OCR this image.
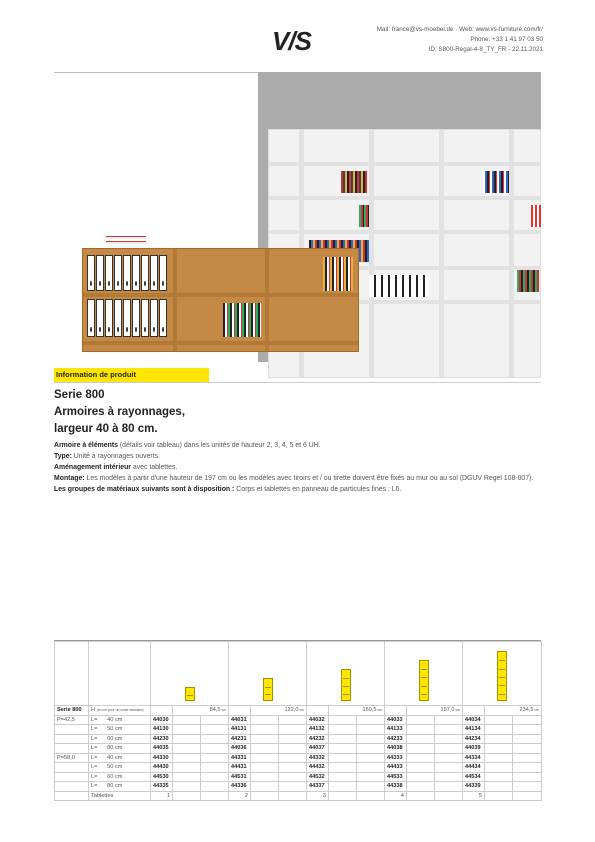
V/S	Mail: france@vs-moebel.de · Web: www.vs-furniture.com/fr/
Phone: +33 1 41 97 03 50
ID: S800-Regal-4-8_TY_FR - 22.11.2021
Information de produit
Serie 800
Armoires à rayonnages,
largeur 40 à 80 cm.
Armoire à éléments (détails voir tableau) dans les unités de hauteur 2, 3, 4, 5 et 6 UH.
Type: Unité à rayonnages ouverts.
Aménagement intérieur avec tablettes.
Montage: Les modèles à partir d'une hauteur de 197 cm ou les modèles avec tiroirs et / ou tirette doivent être fixés au mur ou au sol (DGUV Regel 108-007).
Les groupes de matériaux suivants sont à disposition : Corps et tablettes en panneau de particules fines : L6.

Serie 800	H (en cm pour un socle standard)		84,5 cm			122,0 cm			159,5 cm			197,0 cm			234,5 cm	
P=42,5	L= 40 cm	44030			44031			44032			44033			44034		
	L= 50 cm	44130			44131			44132			44133			44134		
	L= 60 cm	44230			44231			44232			44233			44234		
	L= 80 cm	44035			44036			44037			44038			44039		
P=58,0	L= 40 cm	44330			44331			44332			44333			44334		
	L= 50 cm	44430			44431			44432			44433			44434		
	L= 60 cm	44530			44531			44532			44533			44534		
	L= 80 cm	44335			44336			44337			44338			44339		
	Tablettes	1			2			3			4			5		
